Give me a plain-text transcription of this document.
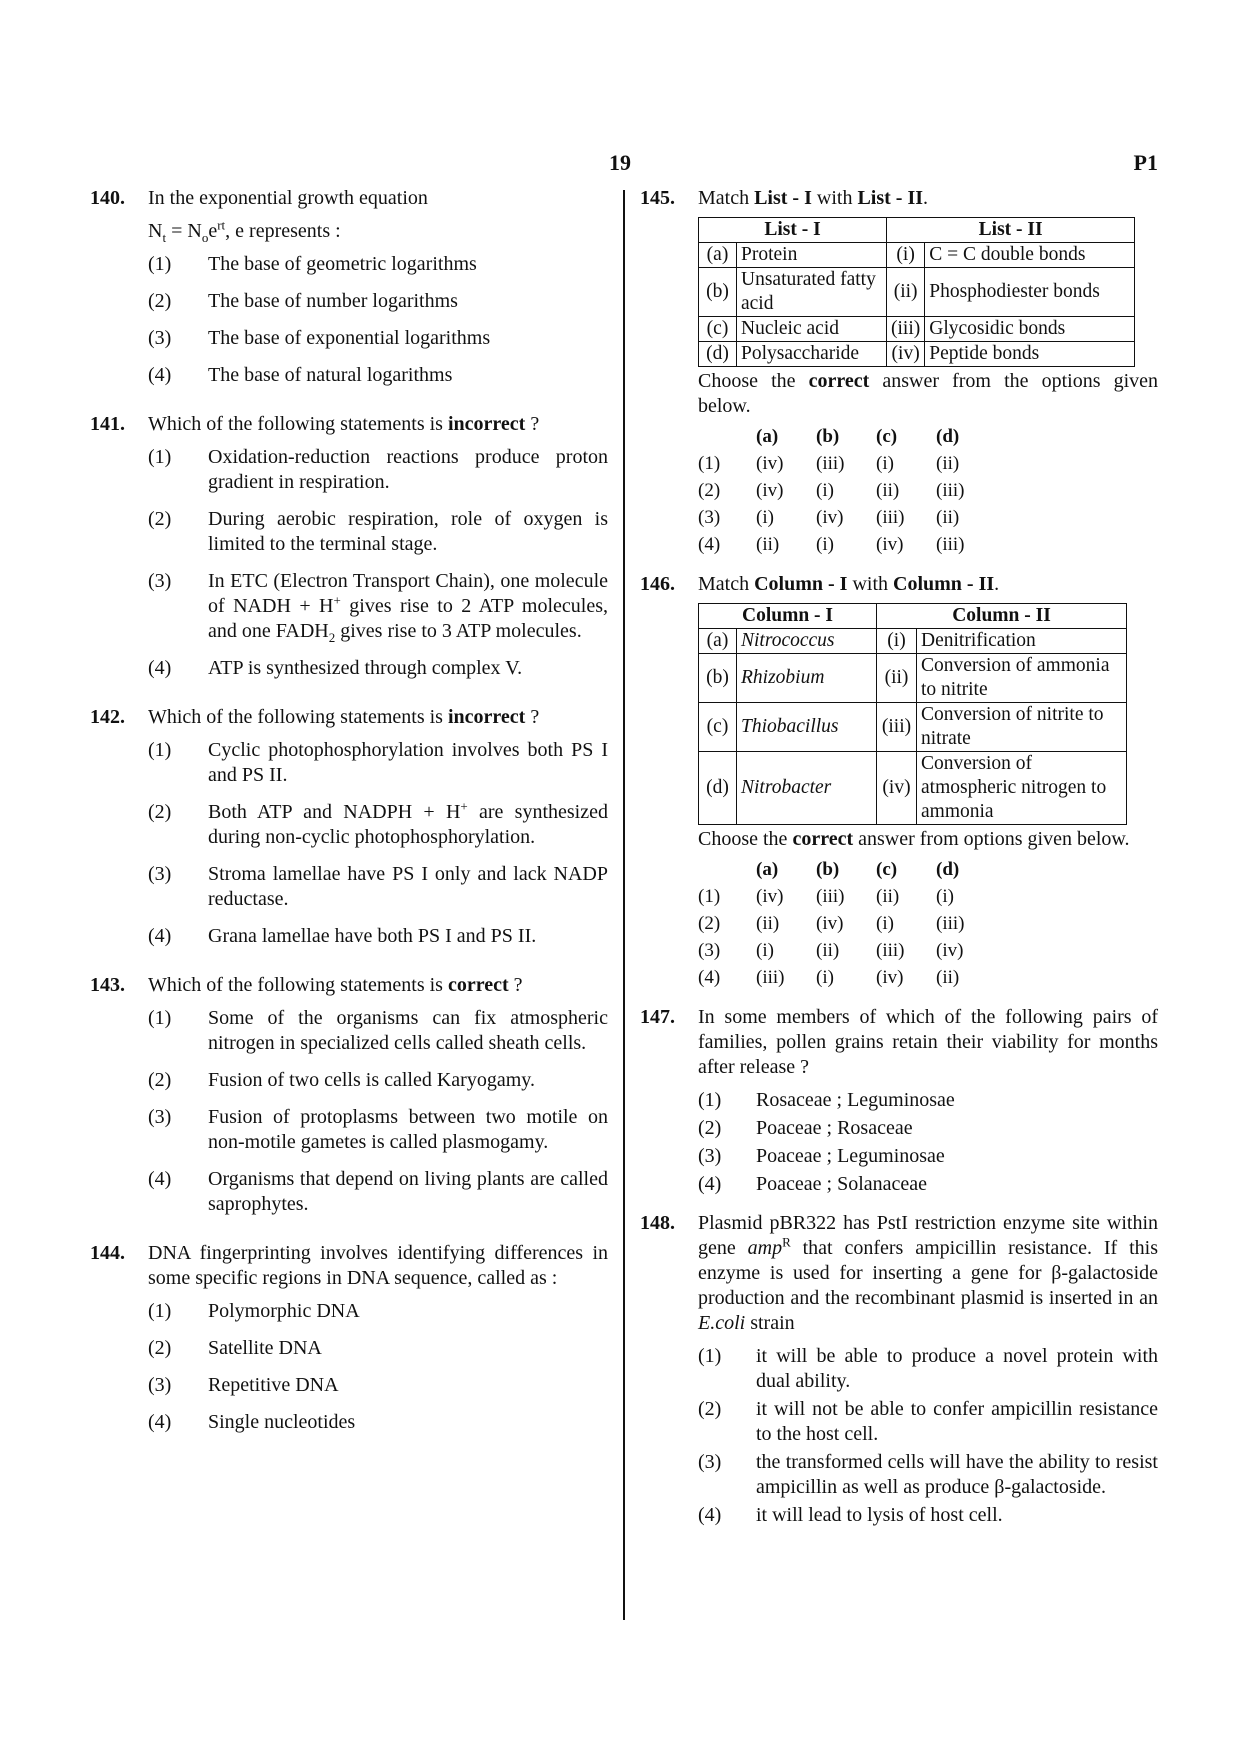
19	P1
140. In the exponential growth equation
$N_t = N_oe^{rt}$, e represents :
(1) The base of geometric logarithms
(2) The base of number logarithms
(3) The base of exponential logarithms
(4) The base of natural logarithms
141. Which of the following statements is incorrect ?
(1) Oxidation-reduction reactions produce proton gradient in respiration.
(2) During aerobic respiration, role of oxygen is limited to the terminal stage.
(3) In ETC (Electron Transport Chain), one molecule of NADH + H+ gives rise to 2 ATP molecules, and one $FADH_2$ gives rise to 3 ATP molecules.
(4) ATP is synthesized through complex V.
142. Which of the following statements is incorrect ?
(1) Cyclic photophosphorylation involves both PS I and PS II.
(2) Both ATP and NADPH + H+ are synthesized during non-cyclic photophosphorylation.
(3) Stroma lamellae have PS I only and lack NADP reductase.
(4) Grana lamellae have both PS I and PS II.
143. Which of the following statements is correct ?
(1) Some of the organisms can fix atmospheric nitrogen in specialized cells called sheath cells.
(2) Fusion of two cells is called Karyogamy.
(3) Fusion of protoplasms between two motile on non-motile gametes is called plasmogamy.
(4) Organisms that depend on living plants are called saprophytes.
144. DNA fingerprinting involves identifying differences in some specific regions in DNA sequence, called as :
(1) Polymorphic DNA
(2) Satellite DNA
(3) Repetitive DNA
(4) Single nucleotides
145. Match List - I with List - II.
List - I		List - II	
(a)	Protein	(i)	C = C double bonds
(b)	Unsaturated fatty acid	(ii)	Phosphodiester bonds
(c)	Nucleic acid	(iii)	Glycosidic bonds
(d)	Polysaccharide	(iv)	Peptide bonds
Choose the correct answer from the options given below.
	(a)	(b)	(c)	(d)
(1)	(iv)	(iii)	(i)	(ii)
(2)	(iv)	(i)	(ii)	(iii)
(3)	(i)	(iv)	(iii)	(ii)
(4)	(ii)	(i)	(iv)	(iii)
146. Match Column - I with Column - II.
Column - I		Column - II	
(a)	Nitrococcus	(i)	Denitrification
(b)	Rhizobium	(ii)	Conversion of ammonia to nitrite
(c)	Thiobacillus	(iii)	Conversion of nitrite to nitrate
(d)	Nitrobacter	(iv)	Conversion of atmospheric nitrogen to ammonia
Choose the correct answer from options given below.
	(a)	(b)	(c)	(d)
(1)	(iv)	(iii)	(ii)	(i)
(2)	(ii)	(iv)	(i)	(iii)
(3)	(i)	(ii)	(iii)	(iv)
(4)	(iii)	(i)	(iv)	(ii)
147. In some members of which of the following pairs of families, pollen grains retain their viability for months after release ?
(1) Rosaceae ; Leguminosae
(2) Poaceae ; Rosaceae
(3) Poaceae ; Leguminosae
(4) Poaceae ; Solanaceae
148. Plasmid pBR322 has PstI restriction enzyme site within gene amp$^R$ that confers ampicillin resistance. If this enzyme is used for inserting a gene for β-galactoside production and the recombinant plasmid is inserted in an E.coli strain
(1) it will be able to produce a novel protein with dual ability.
(2) it will not be able to confer ampicillin resistance to the host cell.
(3) the transformed cells will have the ability to resist ampicillin as well as produce β-galactoside.
(4) it will lead to lysis of host cell.
